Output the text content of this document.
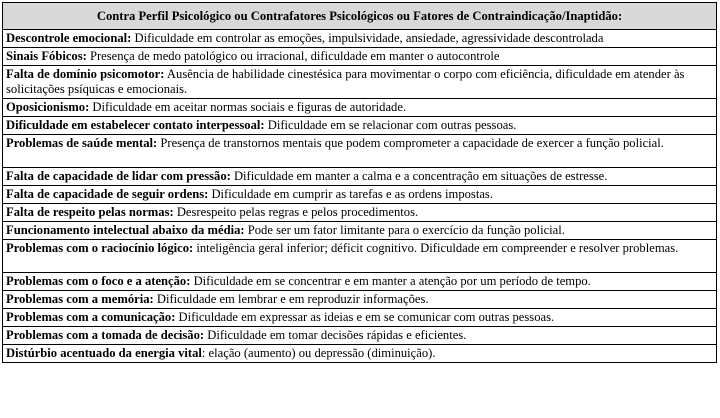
Contra Perfil Psicológico ou Contrafatores Psicológicos ou Fatores de Contraindicação/Inaptidão:
Descontrole emocional: Dificuldade em controlar as emoções, impulsividade, ansiedade, agressividade descontrolada
Sinais Fóbicos: Presença de medo patológico ou irracional, dificuldade em manter o autocontrole
Falta de domínio psicomotor: Ausência de habilidade cinestésica para movimentar o corpo com eficiência, dificuldade em atender às solicitações psíquicas e emocionais.
Oposicionismo: Dificuldade em aceitar normas sociais e figuras de autoridade.
Dificuldade em estabelecer contato interpessoal: Dificuldade em se relacionar com outras pessoas.
Problemas de saúde mental: Presença de transtornos mentais que podem comprometer a capacidade de exercer a função policial.
Falta de capacidade de lidar com pressão: Dificuldade em manter a calma e a concentração em situações de estresse.
Falta de capacidade de seguir ordens: Dificuldade em cumprir as tarefas e as ordens impostas.
Falta de respeito pelas normas: Desrespeito pelas regras e pelos procedimentos.
Funcionamento intelectual abaixo da média: Pode ser um fator limitante para o exercício da função policial.
Problemas com o raciocínio lógico: inteligência geral inferior; déficit cognitivo. Dificuldade em compreender e resolver problemas.
Problemas com o foco e a atenção: Dificuldade em se concentrar e em manter a atenção por um período de tempo.
Problemas com a memória: Dificuldade em lembrar e em reproduzir informações.
Problemas com a comunicação: Dificuldade em expressar as ideias e em se comunicar com outras pessoas.
Problemas com a tomada de decisão: Dificuldade em tomar decisões rápidas e eficientes.
Distúrbio acentuado da energia vital: elação (aumento) ou depressão (diminuição).
